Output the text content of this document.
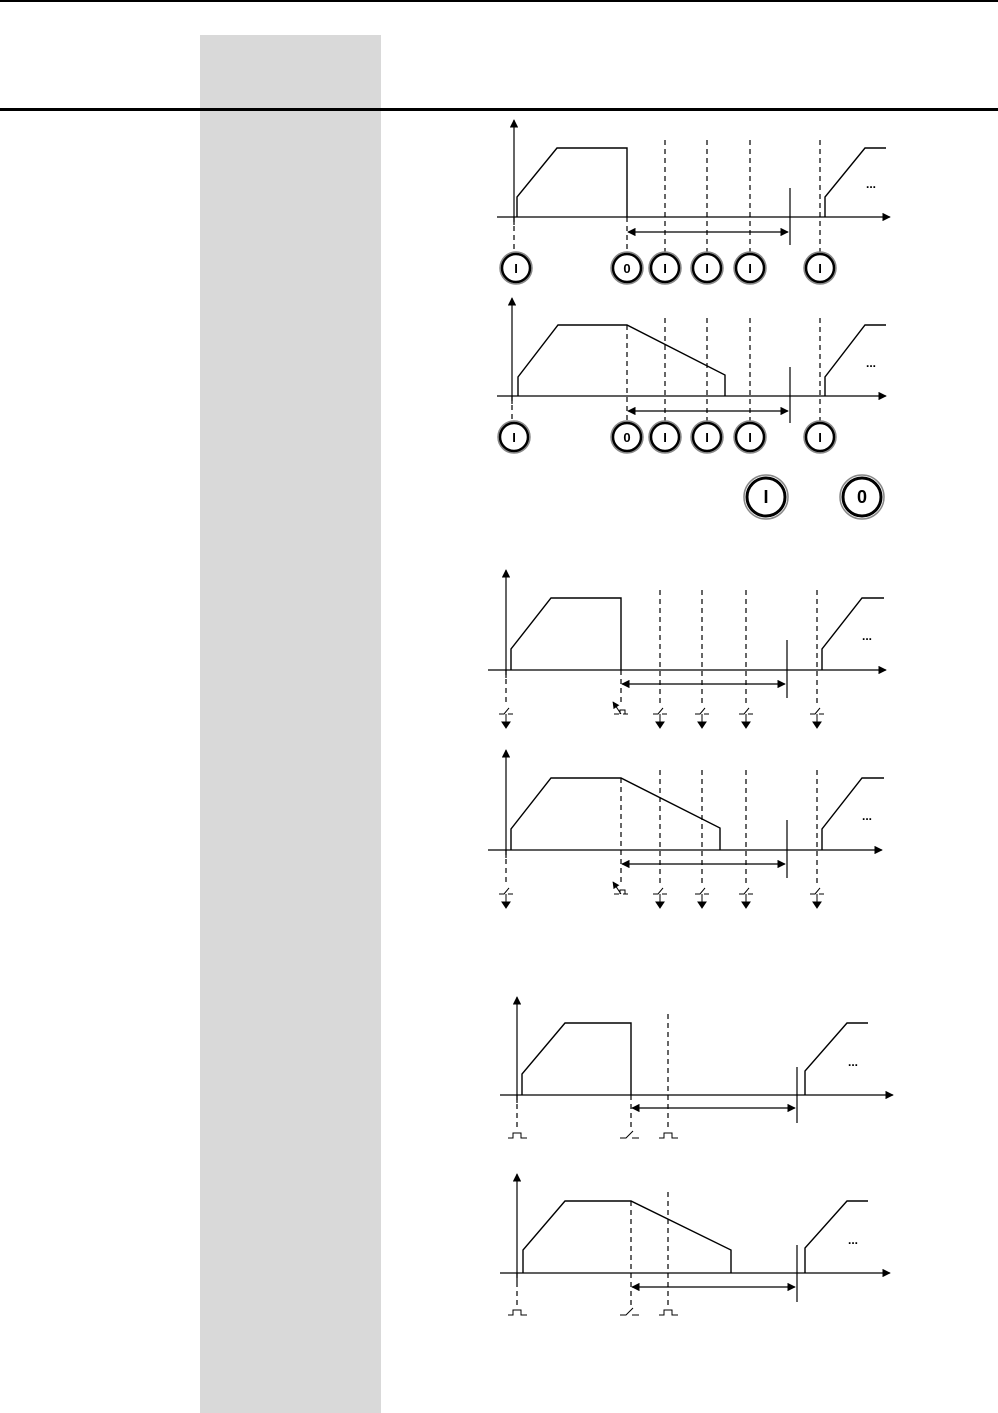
...
I	0	I	I	I	I
...
I	0	I	I	I	I
I	0
...
...
...
...
